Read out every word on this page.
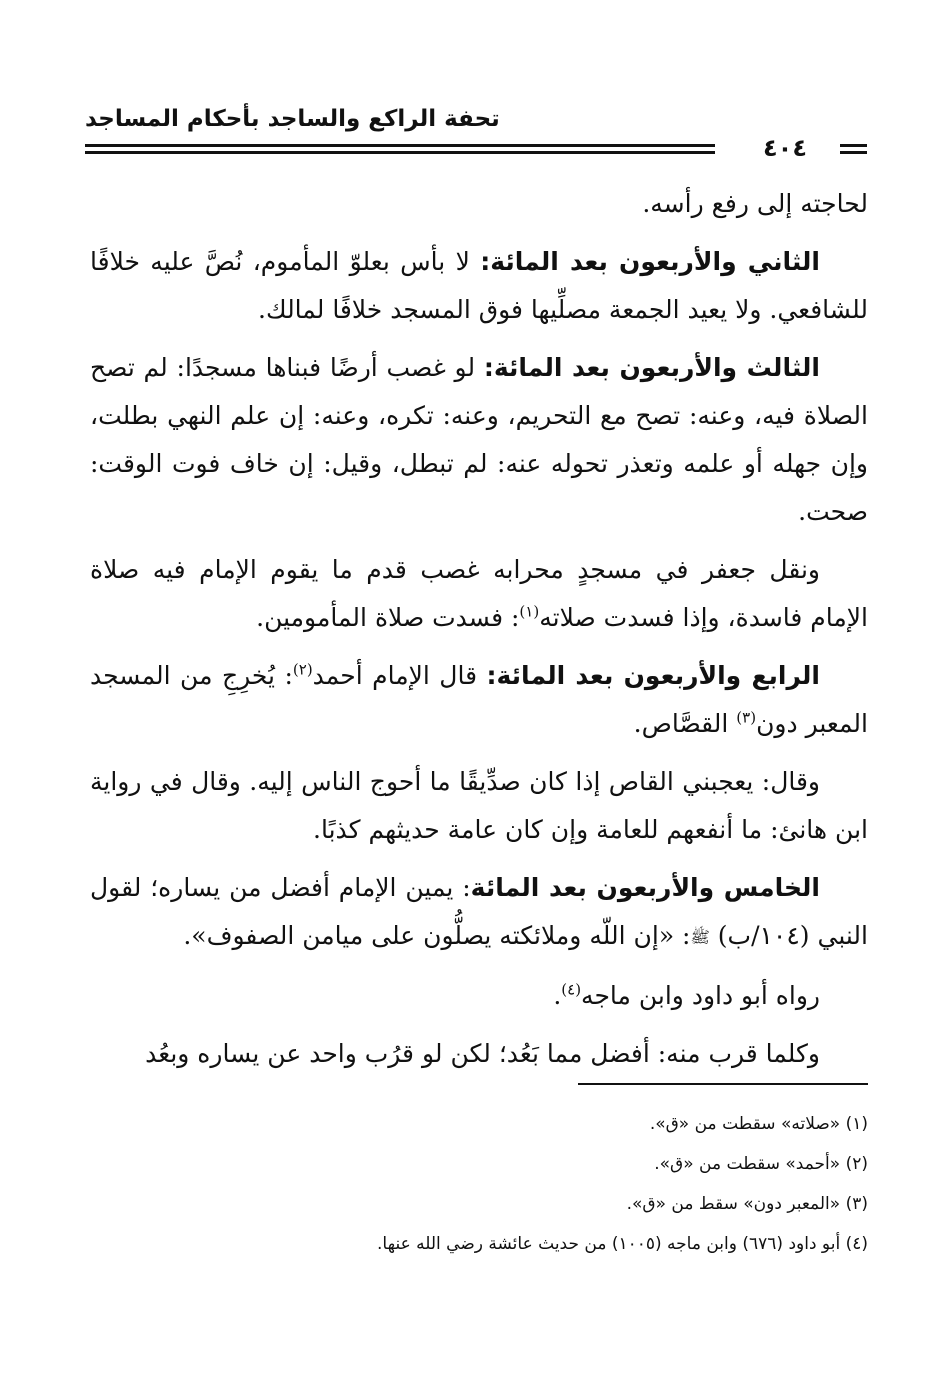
تحفة الراكع والساجد بأحكام المساجد
٤٠٤

لحاجته إلى رفع رأسه.

الثاني والأربعون بعد المائة: لا بأس بعلوّ المأموم، نُصَّ عليه خلافًا للشافعي. ولا يعيد الجمعة مصلِّيها فوق المسجد خلافًا لمالك.

الثالث والأربعون بعد المائة: لو غصب أرضًا فبناها مسجدًا: لم تصح الصلاة فيه، وعنه: تصح مع التحريم، وعنه: تكره، وعنه: إن علم النهي بطلت، وإن جهله أو علمه وتعذر تحوله عنه: لم تبطل، وقيل: إن خاف فوت الوقت: صحت.

ونقل جعفر في مسجدٍ محرابه غصب قدم ما يقوم الإمام فيه صلاة الإمام فاسدة، وإذا فسدت صلاته$^{(١)}$: فسدت صلاة المأمومين.

الرابع والأربعون بعد المائة: قال الإمام أحمد$^{(٢)}$: يُخرِجِ من المسجد المعبر دون$^{(٣)}$ القصَّاص.

وقال: يعجبني القاص إذا كان صدِّيقًا ما أحوج الناس إليه. وقال في رواية ابن هانئ: ما أنفعهم للعامة وإن كان عامة حديثهم كذبًا.

الخامس والأربعون بعد المائة: يمين الإمام أفضل من يساره؛ لقول النبي (١٠٤/ب) ﷺ: «إن اللّه وملائكته يصلُّون على ميامن الصفوف».

رواه أبو داود وابن ماجه$^{(٤)}$.

وكلما قرب منه: أفضل مما بَعُد؛ لكن لو قرُب واحد عن يساره وبعُد

(١) «صلاته» سقطت من «ق».
(٢) «أحمد» سقطت من «ق».
(٣) «المعبر دون» سقط من «ق».
(٤) أبو داود (٦٧٦) وابن ماجه (١٠٠٥) من حديث عائشة رضي الله عنها.
